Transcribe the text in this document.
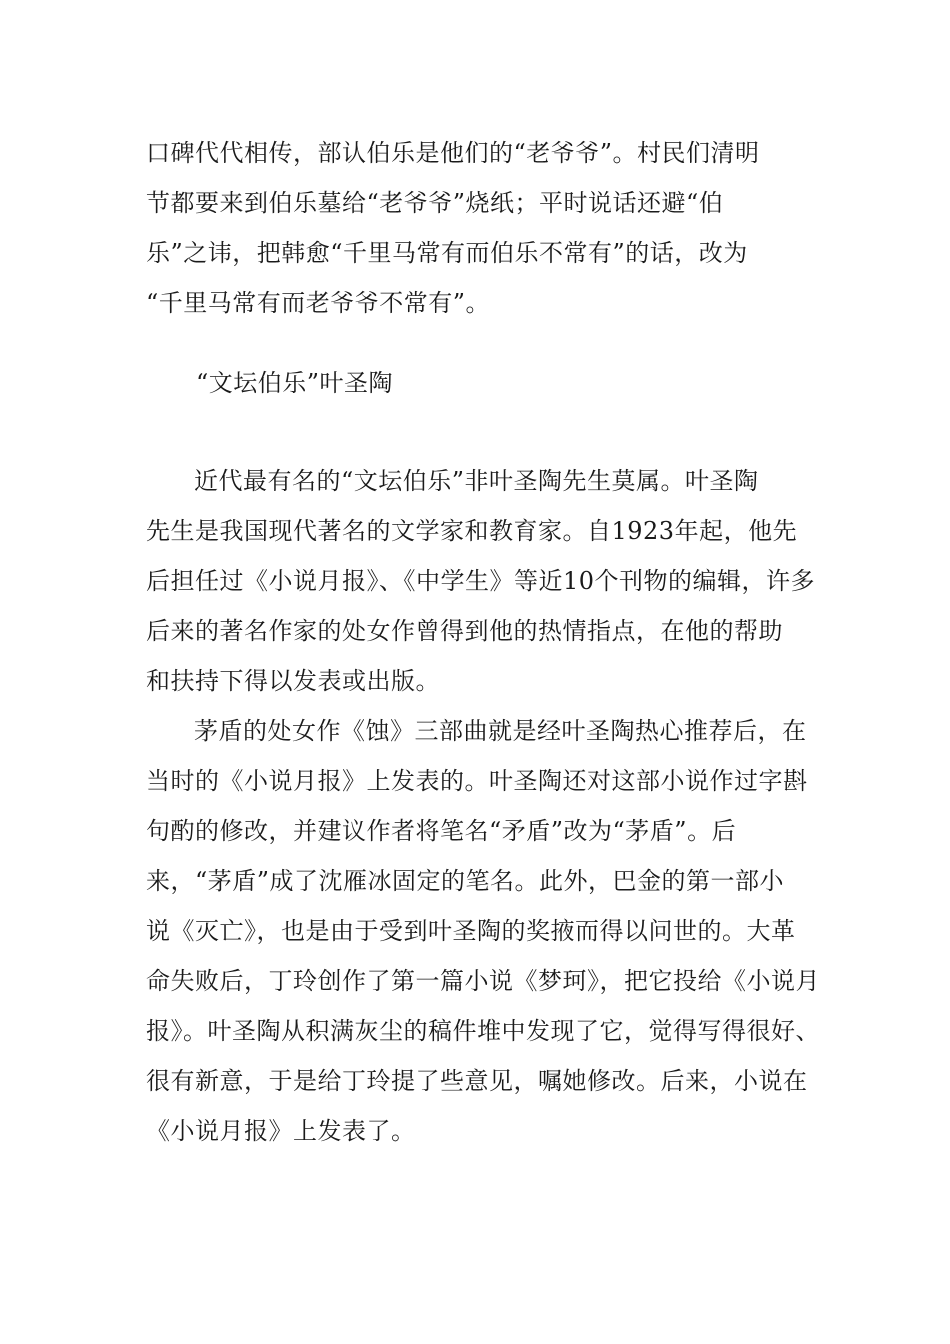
口碑代代相传，部认伯乐是他们的“老爷爷”。村民们清明
节都要来到伯乐墓给“老爷爷”烧纸；平时说话还避“伯
乐”之讳，把韩愈“千里马常有而伯乐不常有”的话，改为
“千里马常有而老爷爷不常有”。
“文坛伯乐”叶圣陶
近代最有名的“文坛伯乐”非叶圣陶先生莫属。叶圣陶
先生是我国现代著名的文学家和教育家。自1923年起，他先
后担任过《小说月报》、《中学生》等近10个刊物的编辑，许多
后来的著名作家的处女作曾得到他的热情指点，在他的帮助
和扶持下得以发表或出版。
茅盾的处女作《蚀》三部曲就是经叶圣陶热心推荐后，在
当时的《小说月报》上发表的。叶圣陶还对这部小说作过字斟
句酌的修改，并建议作者将笔名“矛盾”改为“茅盾”。后
来，“茅盾”成了沈雁冰固定的笔名。此外，巴金的第一部小
说《灭亡》，也是由于受到叶圣陶的奖掖而得以问世的。大革
命失败后，丁玲创作了第一篇小说《梦珂》，把它投给《小说月
报》。叶圣陶从积满灰尘的稿件堆中发现了它，觉得写得很好、
很有新意，于是给丁玲提了些意见，嘱她修改。后来，小说在
《小说月报》上发表了。
